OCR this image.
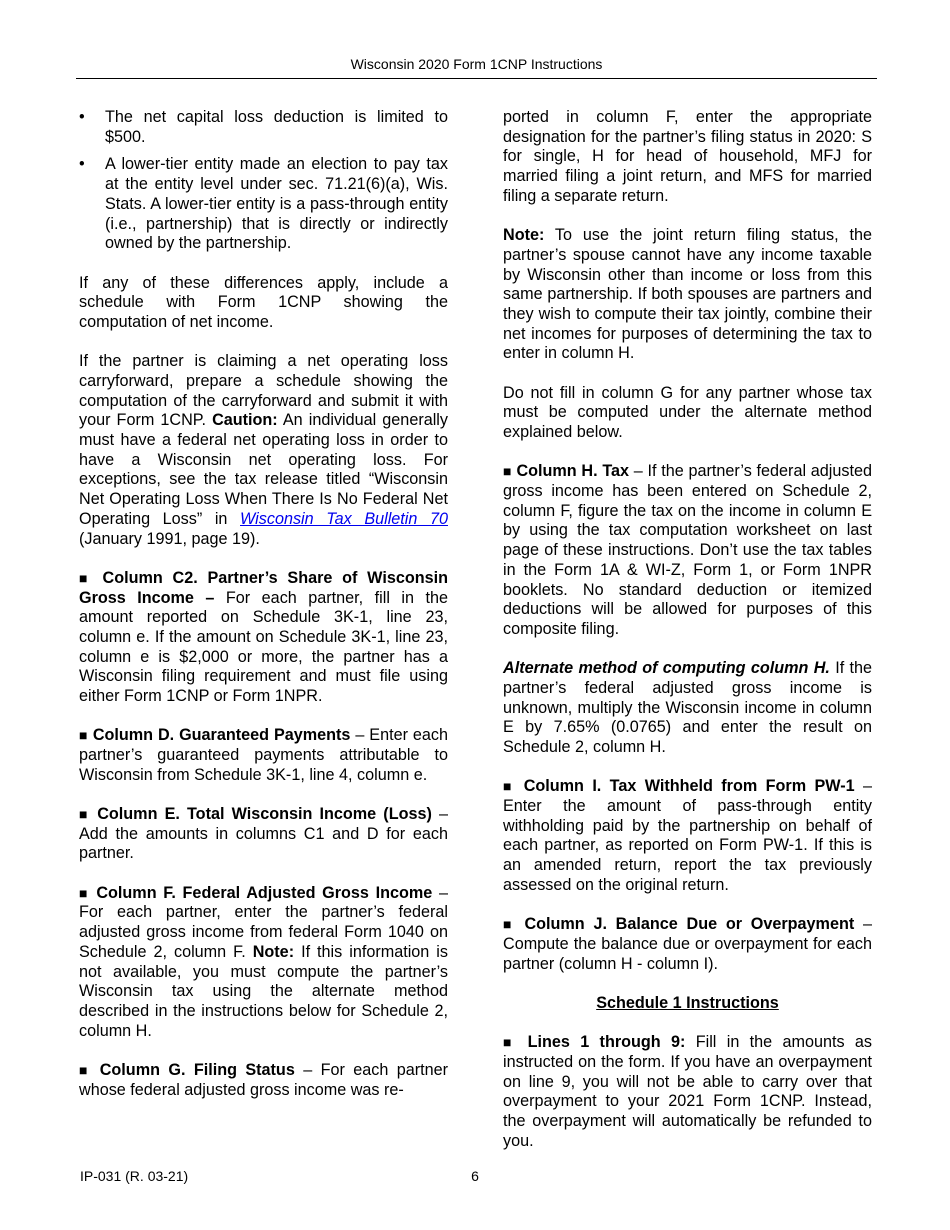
Wisconsin 2020 Form 1CNP Instructions
• The net capital loss deduction is limited to $500.
• A lower-tier entity made an election to pay tax at the entity level under sec. 71.21(6)(a), Wis. Stats. A lower-tier entity is a pass-through entity (i.e., partnership) that is directly or indirectly owned by the partnership.

If any of these differences apply, include a schedule with Form 1CNP showing the computation of net income.

If the partner is claiming a net operating loss carryforward, prepare a schedule showing the computation of the carryforward and submit it with your Form 1CNP. Caution: An individual generally must have a federal net operating loss in order to have a Wisconsin net operating loss. For exceptions, see the tax release titled “Wisconsin Net Operating Loss When There Is No Federal Net Operating Loss” in Wisconsin Tax Bulletin 70 (January 1991, page 19).

■ Column C2. Partner’s Share of Wisconsin Gross Income – For each partner, fill in the amount reported on Schedule 3K-1, line 23, column e. If the amount on Schedule 3K-1, line 23, column e is $2,000 or more, the partner has a Wisconsin filing requirement and must file using either Form 1CNP or Form 1NPR.

■ Column D. Guaranteed Payments – Enter each partner’s guaranteed payments attributable to Wisconsin from Schedule 3K-1, line 4, column e.

■ Column E. Total Wisconsin Income (Loss) – Add the amounts in columns C1 and D for each partner.

■ Column F. Federal Adjusted Gross Income – For each partner, enter the partner’s federal adjusted gross income from federal Form 1040 on Schedule 2, column F. Note: If this information is not available, you must compute the partner’s Wisconsin tax using the alternate method described in the instructions below for Schedule 2, column H.

■ Column G. Filing Status – For each partner whose federal adjusted gross income was re-

ported in column F, enter the appropriate designation for the partner’s filing status in 2020: S for single, H for head of household, MFJ for married filing a joint return, and MFS for married filing a separate return.

Note: To use the joint return filing status, the partner’s spouse cannot have any income taxable by Wisconsin other than income or loss from this same partnership. If both spouses are partners and they wish to compute their tax jointly, combine their net incomes for purposes of determining the tax to enter in column H.

Do not fill in column G for any partner whose tax must be computed under the alternate method explained below.

■ Column H. Tax – If the partner’s federal adjusted gross income has been entered on Schedule 2, column F, figure the tax on the income in column E by using the tax computation worksheet on last page of these instructions. Don’t use the tax tables in the Form 1A & WI-Z, Form 1, or Form 1NPR booklets. No standard deduction or itemized deductions will be allowed for purposes of this composite filing.

Alternate method of computing column H. If the partner’s federal adjusted gross income is unknown, multiply the Wisconsin income in column E by 7.65% (0.0765) and enter the result on Schedule 2, column H.

■ Column I. Tax Withheld from Form PW-1 – Enter the amount of pass-through entity withholding paid by the partnership on behalf of each partner, as reported on Form PW-1. If this is an amended return, report the tax previously assessed on the original return.

■ Column J. Balance Due or Overpayment – Compute the balance due or overpayment for each partner (column H - column I).

Schedule 1 Instructions

■ Lines 1 through 9: Fill in the amounts as instructed on the form. If you have an overpayment on line 9, you will not be able to carry over that overpayment to your 2021 Form 1CNP. Instead, the overpayment will automatically be refunded to you.

IP-031 (R. 03-21)	6
